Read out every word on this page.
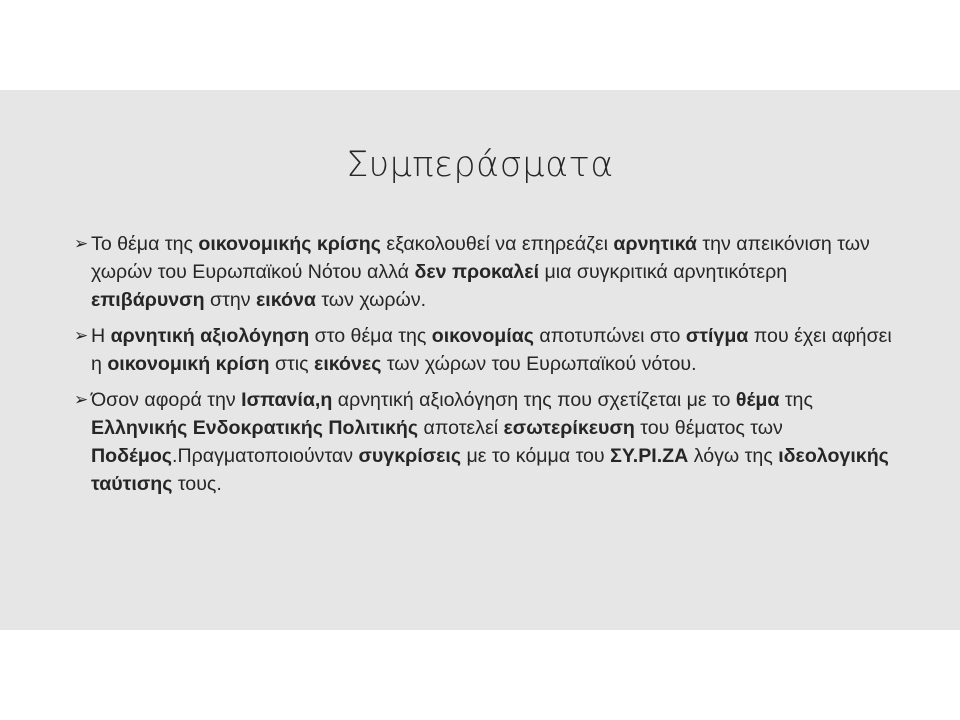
Συμπεράσματα
➢ Το θέμα της οικονομικής κρίσης εξακολουθεί να επηρεάζει αρνητικά την απεικόνιση των χωρών του Ευρωπαϊκού Νότου αλλά δεν προκαλεί μια συγκριτικά αρνητικότερη επιβάρυνση στην εικόνα των χωρών.
➢ Η αρνητική αξιολόγηση στο θέμα της οικονομίας αποτυπώνει στο στίγμα που έχει αφήσει η οικονομική κρίση στις εικόνες των χώρων του Ευρωπαϊκού νότου.
➢ Όσον αφορά την Ισπανία,η αρνητική αξιολόγηση της που σχετίζεται με το θέμα της Ελληνικής Ενδοκρατικής Πολιτικής αποτελεί εσωτερίκευση του θέματος των Ποδέμος.Πραγματοποιούνταν συγκρίσεις με το κόμμα του ΣΥ.ΡΙ.ΖΑ λόγω της ιδεολογικής ταύτισης τους.
